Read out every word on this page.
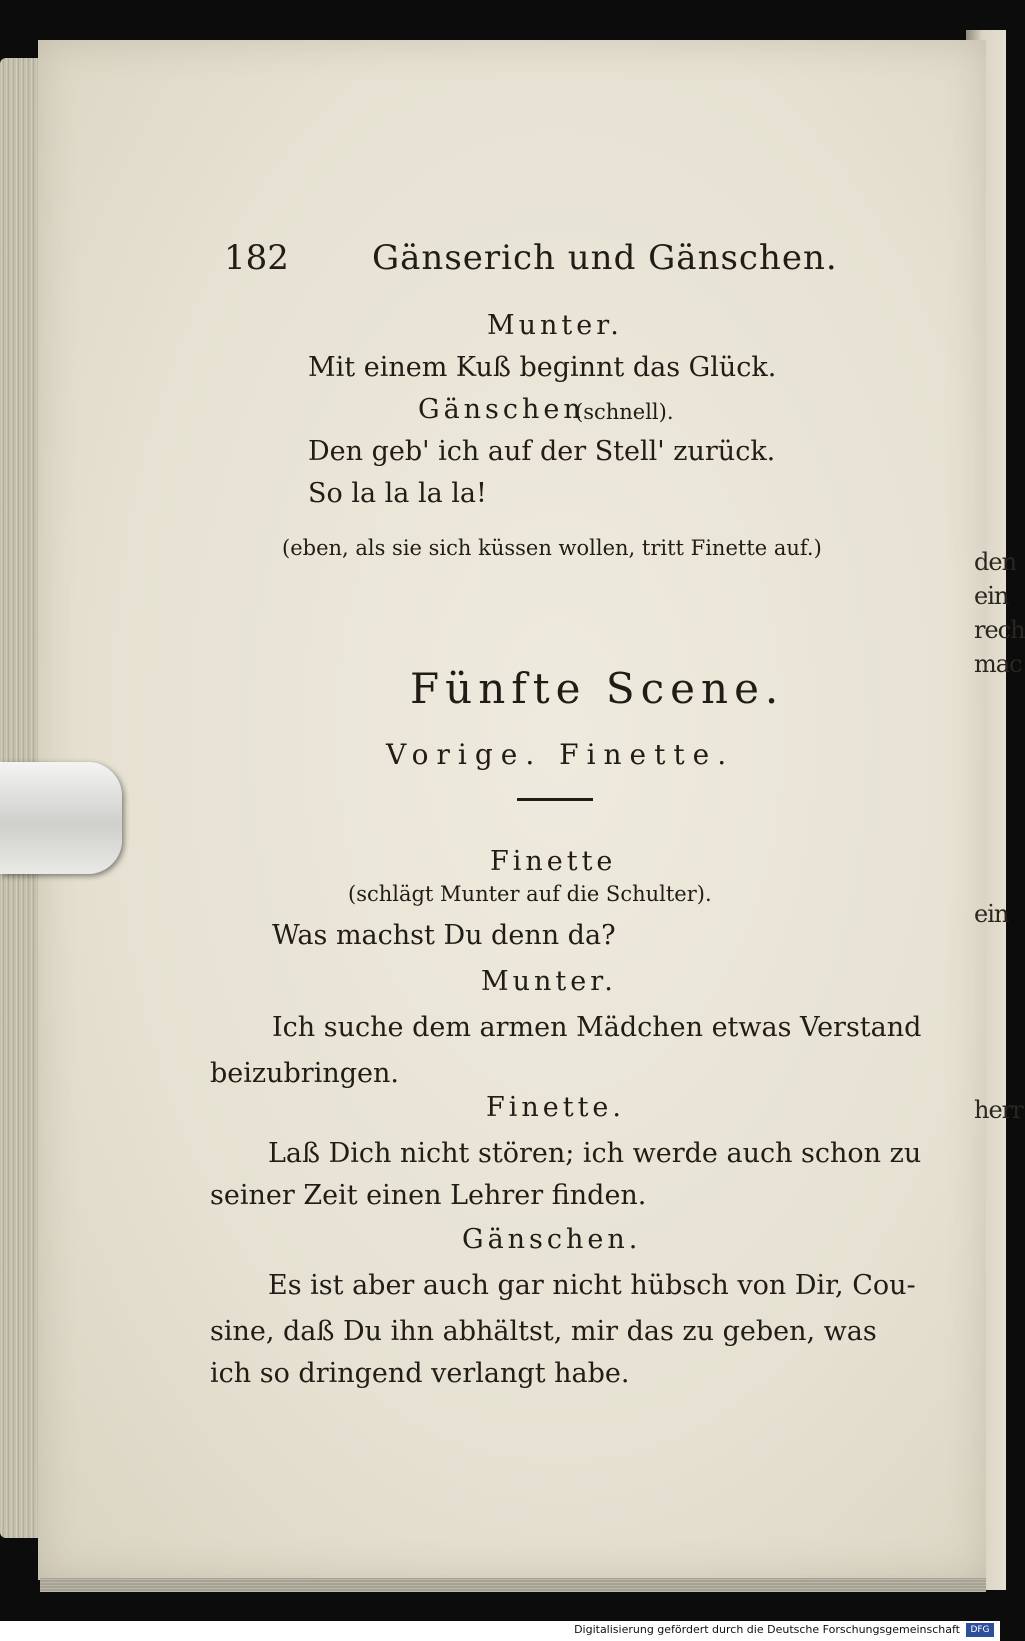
den
ein
rech
mac
ein
herr
182 Gänserich und Gänschen.
Munter.
Mit einem Kuß beginnt das Glück.
Gänschen
(schnell).
Den geb' ich auf der Stell' zurück.
So la la la la!
(eben, als sie sich küssen wollen, tritt Finette auf.)
Fünfte Scene.
Vorige. Finette.
Finette
(schlägt Munter auf die Schulter).
Was machst Du denn da?
Munter.
Ich suche dem armen Mädchen etwas Verstand
beizubringen.
Finette.
Laß Dich nicht stören; ich werde auch schon zu
seiner Zeit einen Lehrer finden.
Gänschen.
Es ist aber auch gar nicht hübsch von Dir, Cou-
sine, daß Du ihn abhältst, mir das zu geben, was
ich so dringend verlangt habe.
Digitalisierung gefördert durch die Deutsche Forschungsgemeinschaft	DFG
